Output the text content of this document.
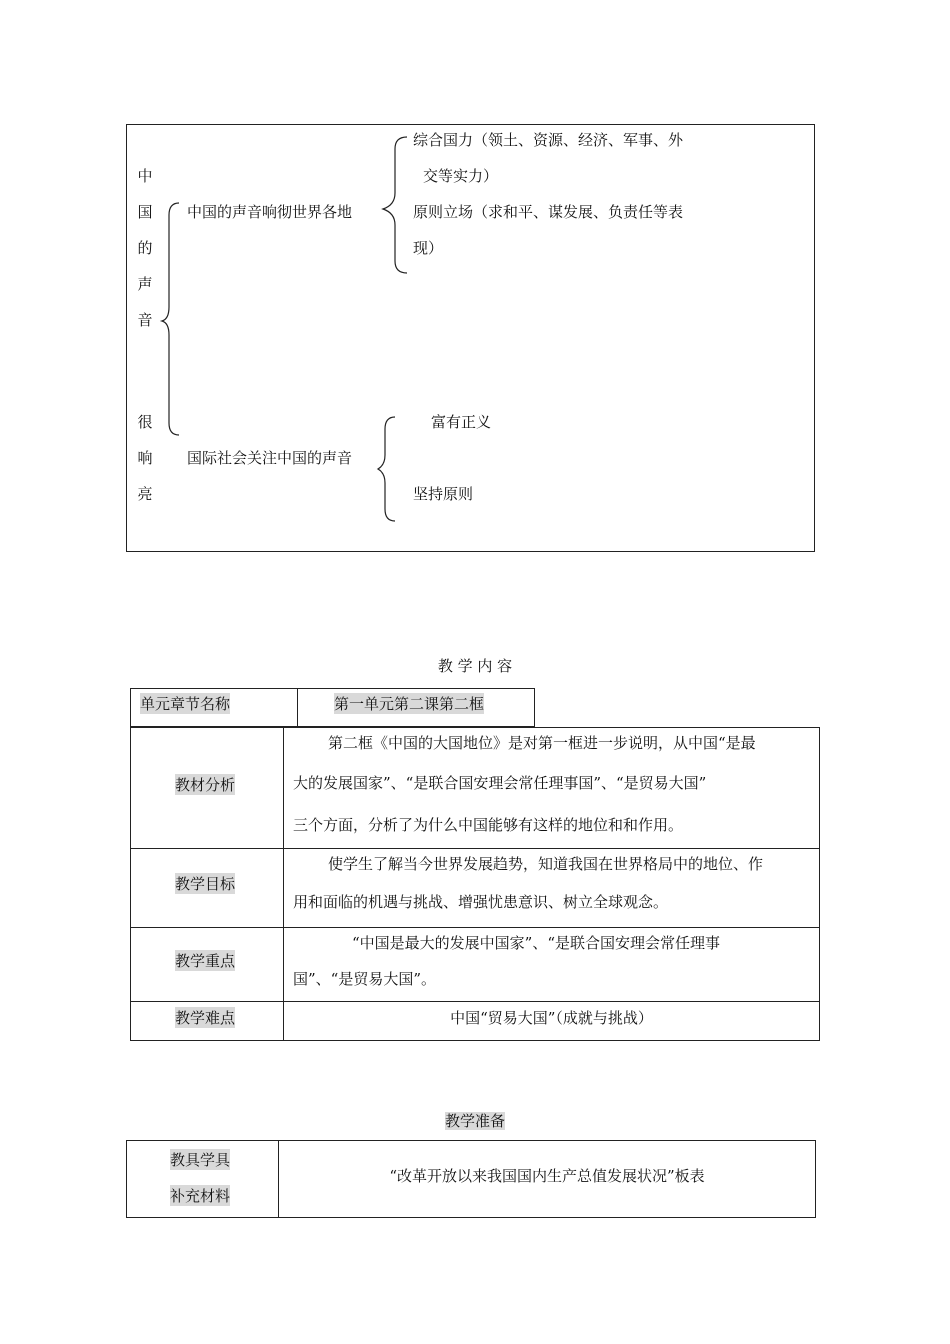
中
国
的
声
音
很
响
亮
中国的声音响彻世界各地
综合国力（领土、资源、经济、军事、外
交等实力）
原则立场（求和平、谋发展、负责任等表
现）
国际社会关注中国的声音
富有正义
坚持原则
教 学 内 容
单元章节名称	第一单元第二课第二框
教材分析
第二框《中国的大国地位》是对第一框进一步说明，从中国“是最
大的发展国家”、“是联合国安理会常任理事国”、“是贸易大国”
三个方面，分析了为什么中国能够有这样的地位和和作用。
教学目标
使学生了解当今世界发展趋势，知道我国在世界格局中的地位、作
用和面临的机遇与挑战、增强忧患意识、树立全球观念。
教学重点
“中国是最大的发展中国家”、“是联合国安理会常任理事
国”、“是贸易大国”。
教学难点	中国“贸易大国”（成就与挑战）
教学准备
教具学具
补充材料
“改革开放以来我国国内生产总值发展状况”板表
